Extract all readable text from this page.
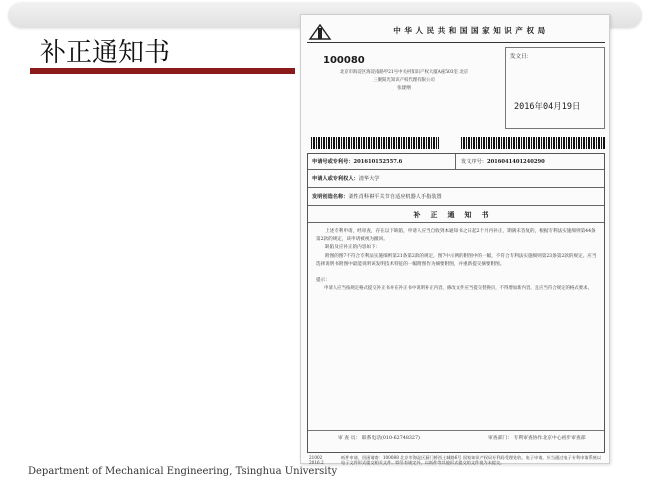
补正通知书
中华人民共和国国家知识产权局
100080
北京市海淀区海淀南路甲21号中关村知识产权大厦A座503室 北京
三聚阳光知识产权代理有限公司
张建纲
发文日：
2016年04月19日
申请号或专利号： 201610152557.6	发文序号： 2016041401240290
申请人或专利权人： 清华大学
发明创造名称： 柔性肖科祺平关节自适应机器人手指装置
补正通知书
上述专利申请，经审查，存在以下缺陷，申请人应当自收到本通知书之日起2个月内补正，期满未答复的，根据专利法实施细则第44条第2款的规定，该申请被视为撤回。
缺陷及应补正的内容如下：
附图的图7不符合专利法实施细则第21条第2款的规定，图7中示例的附图中的一幅，不符合专利法实施细则第23条第2款的规定。应当选择说明书附图中最能说明该发明技术特征的一幅附图作为摘要附图，并重新提交摘要附图。
提示：
申请人应当按规定格式提交补正书并在补正书中说明补正内容，修改文件应当提交替换页，不得增加新内容，且应当符合规定的格式要求。
审 查 员： 联系电话(010-62748327)	审查部门： 专利审查协作北京中心初步审查部
21002
2016.2
纸件申请，回函请寄：100088 北京市海淀区蓟门桥西土城路6号 国家知识产权局专利局受理处收。电子申请，应当通过电子专利申请系统以电子文件形式提交相关文件。除另有规定外，以纸件等其他形式提交的文件视为未提交。
Department of Mechanical Engineering, Tsinghua University
